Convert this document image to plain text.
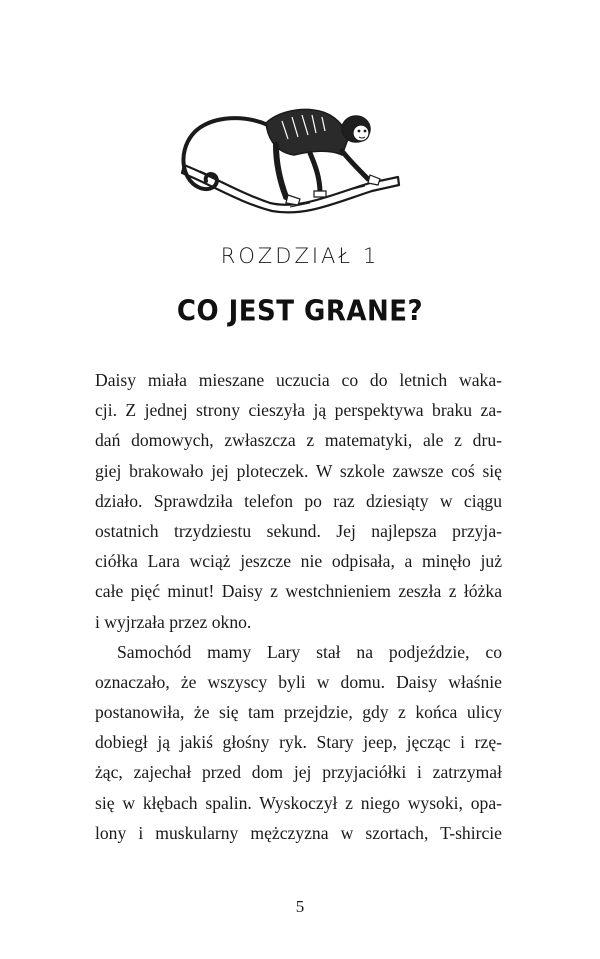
ROZDZIAŁ 1
CO JEST GRANE?
Daisy miała mieszane uczucia co do letnich waka-
cji. Z jednej strony cieszyła ją perspektywa braku za-
dań domowych, zwłaszcza z matematyki, ale z dru-
giej brakowało jej ploteczek. W szkole zawsze coś się
działo. Sprawdziła telefon po raz dziesiąty w ciągu
ostatnich trzydziestu sekund. Jej najlepsza przyja-
ciółka Lara wciąż jeszcze nie odpisała, a minęło już
całe pięć minut! Daisy z westchnieniem zeszła z łóżka
i wyjrzała przez okno.
Samochód mamy Lary stał na podjeździe, co
oznaczało, że wszyscy byli w domu. Daisy właśnie
postanowiła, że się tam przejdzie, gdy z końca ulicy
dobiegł ją jakiś głośny ryk. Stary jeep, jęcząc i rzę-
żąc, zajechał przed dom jej przyjaciółki i zatrzymał
się w kłębach spalin. Wyskoczył z niego wysoki, opa-
lony i muskularny mężczyzna w szortach, T-shircie
5
